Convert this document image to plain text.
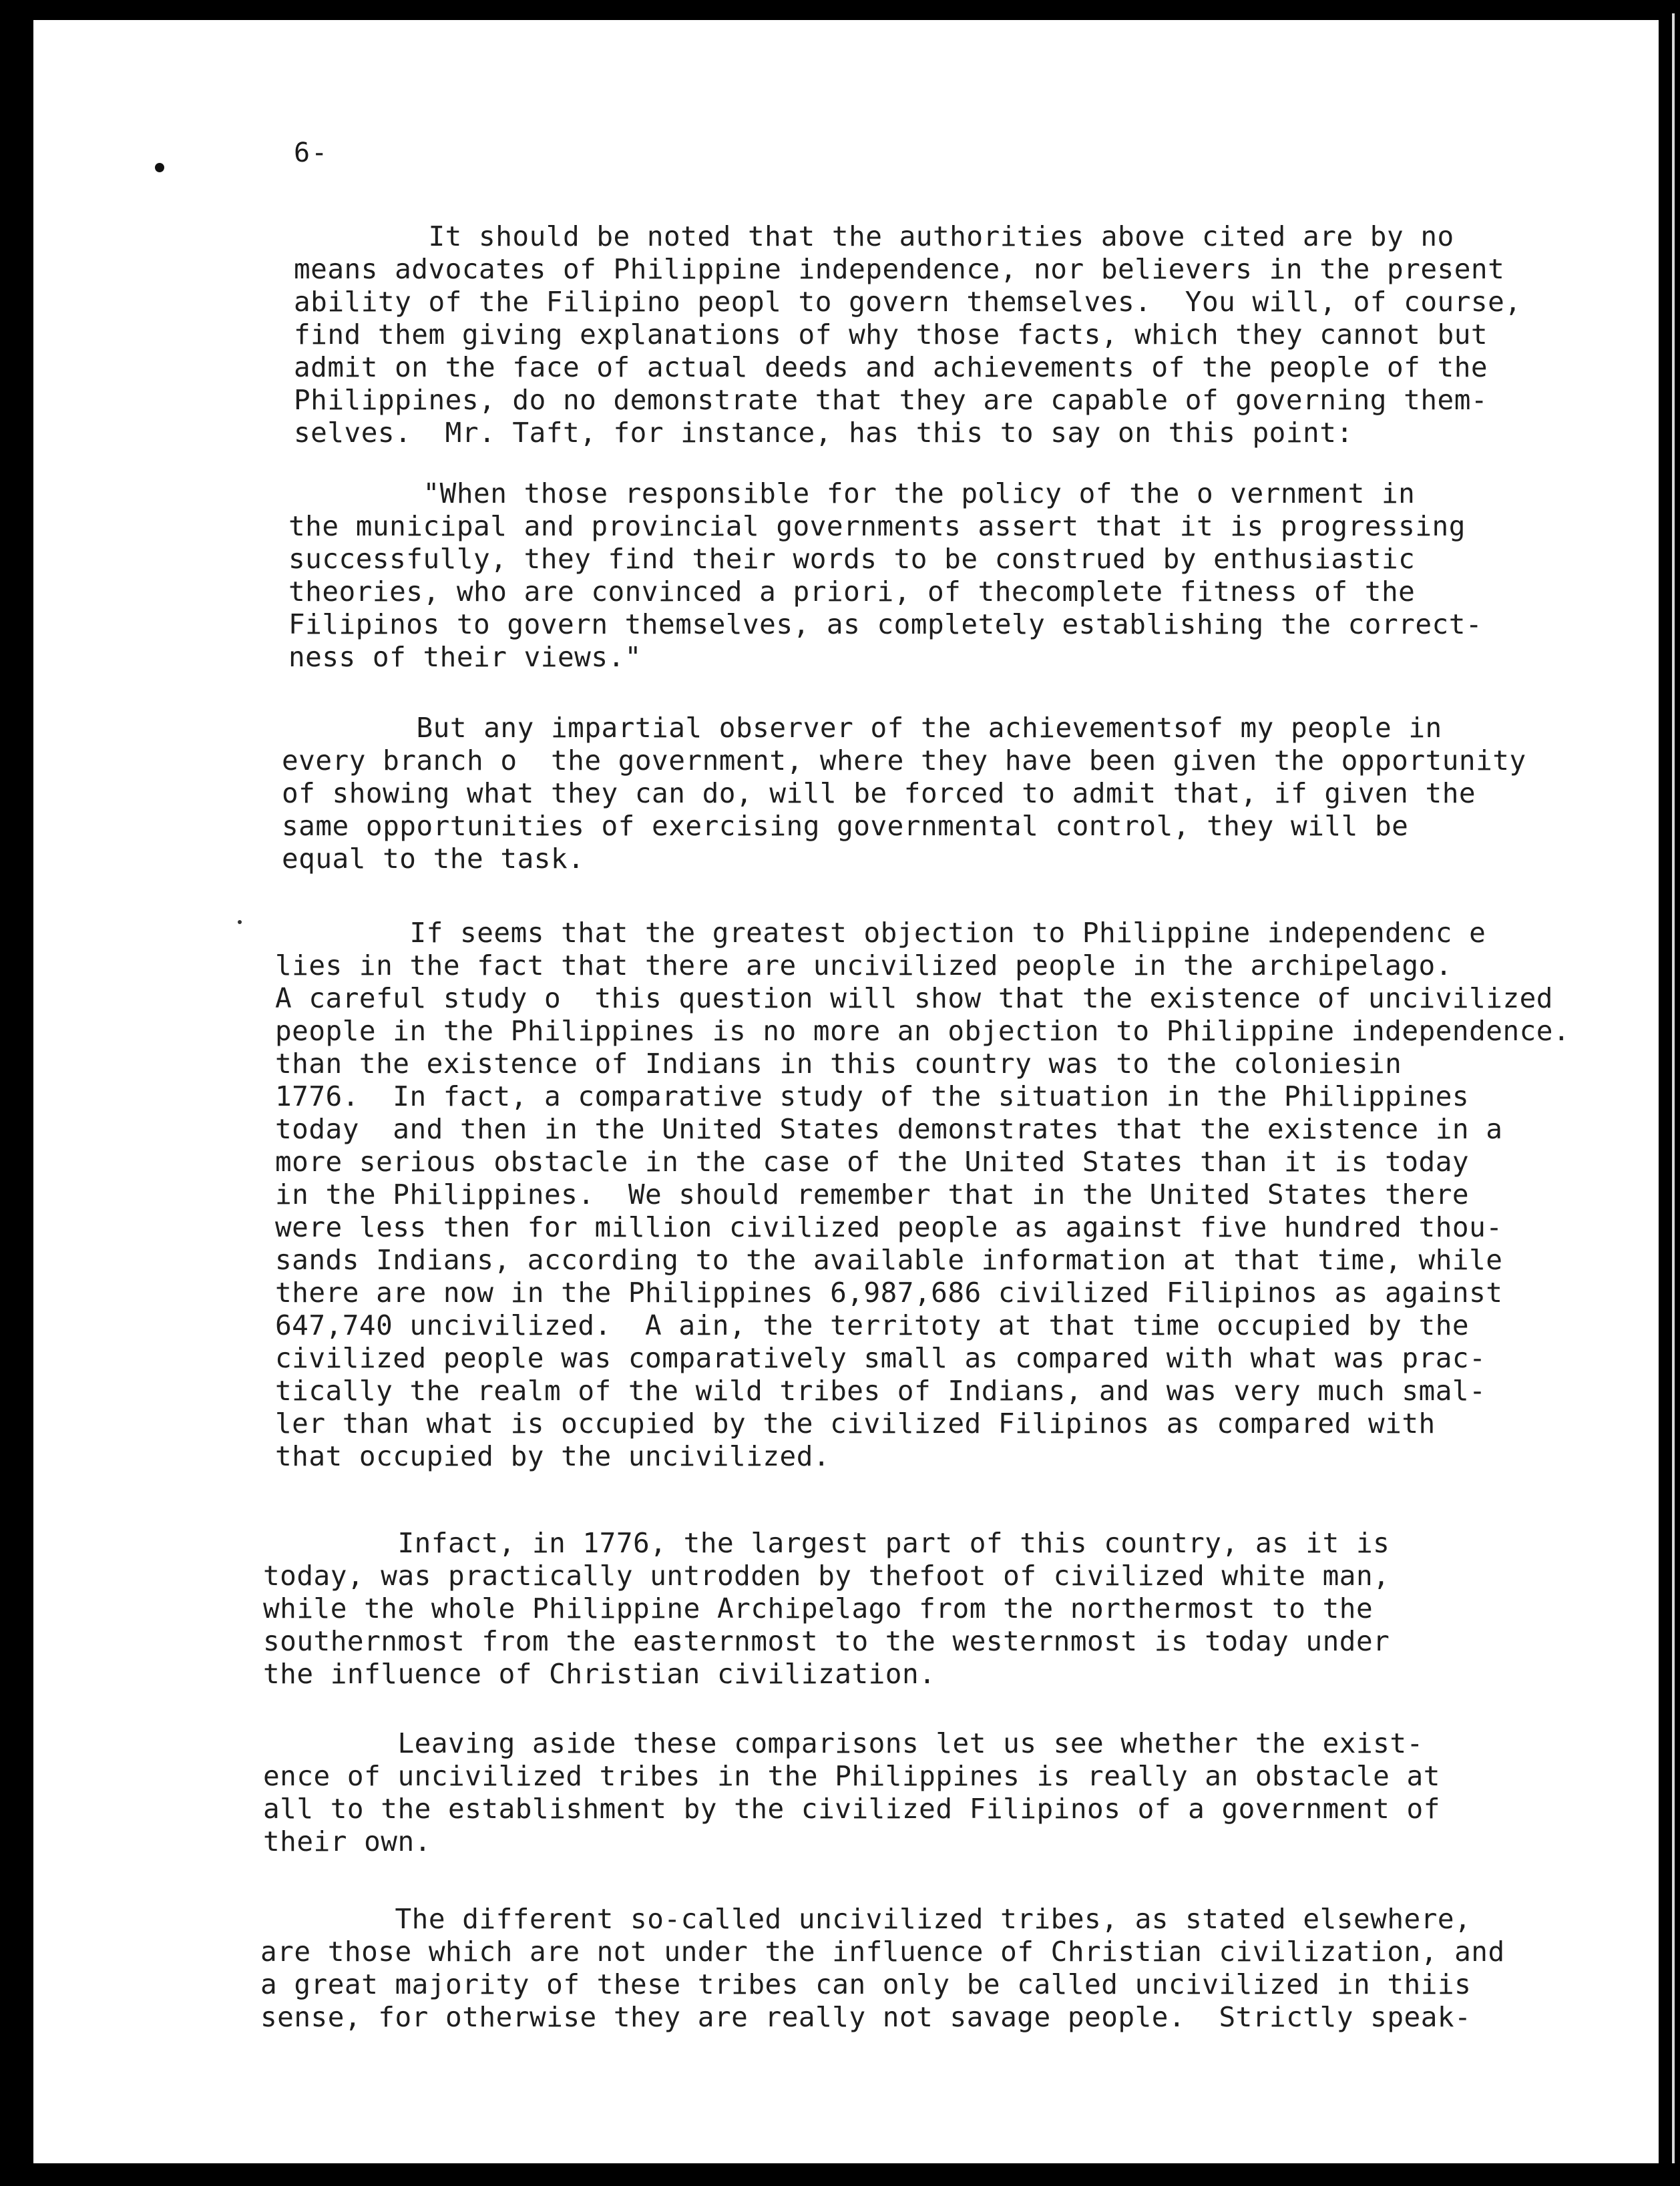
6-
It should be noted that the authorities above cited are by no
means advocates of Philippine independence, nor believers in the present
ability of the Filipino peopl to govern themselves.  You will, of course,
find them giving explanations of why those facts, which they cannot but
admit on the face of actual deeds and achievements of the people of the
Philippines, do no demonstrate that they are capable of governing them-
selves.  Mr. Taft, for instance, has this to say on this point:
"When those responsible for the policy of the o vernment in
the municipal and provincial governments assert that it is progressing
successfully, they find their words to be construed by enthusiastic
theories, who are convinced a priori, of thecomplete fitness of the
Filipinos to govern themselves, as completely establishing the correct-
ness of their views."
But any impartial observer of the achievementsof my people in
every branch o  the government, where they have been given the opportunity
of showing what they can do, will be forced to admit that, if given the
same opportunities of exercising governmental control, they will be
equal to the task.
If seems that the greatest objection to Philippine independenc e
lies in the fact that there are uncivilized people in the archipelago.
A careful study o  this question will show that the existence of uncivilized
people in the Philippines is no more an objection to Philippine independence.
than the existence of Indians in this country was to the coloniesin
1776.  In fact, a comparative study of the situation in the Philippines
today  and then in the United States demonstrates that the existence in a
more serious obstacle in the case of the United States than it is today
in the Philippines.  We should remember that in the United States there
were less then for million civilized people as against five hundred thou-
sands Indians, according to the available information at that time, while
there are now in the Philippines 6,987,686 civilized Filipinos as against
647,740 uncivilized.  A ain, the territoty at that time occupied by the
civilized people was comparatively small as compared with what was prac-
tically the realm of the wild tribes of Indians, and was very much smal-
ler than what is occupied by the civilized Filipinos as compared with
that occupied by the uncivilized.
Infact, in 1776, the largest part of this country, as it is
today, was practically untrodden by thefoot of civilized white man,
while the whole Philippine Archipelago from the northermost to the
southernmost from the easternmost to the westernmost is today under
the influence of Christian civilization.
Leaving aside these comparisons let us see whether the exist-
ence of uncivilized tribes in the Philippines is really an obstacle at
all to the establishment by the civilized Filipinos of a government of
their own.
The different so-called uncivilized tribes, as stated elsewhere,
are those which are not under the influence of Christian civilization, and
a great majority of these tribes can only be called uncivilized in thiis
sense, for otherwise they are really not savage people.  Strictly speak-
